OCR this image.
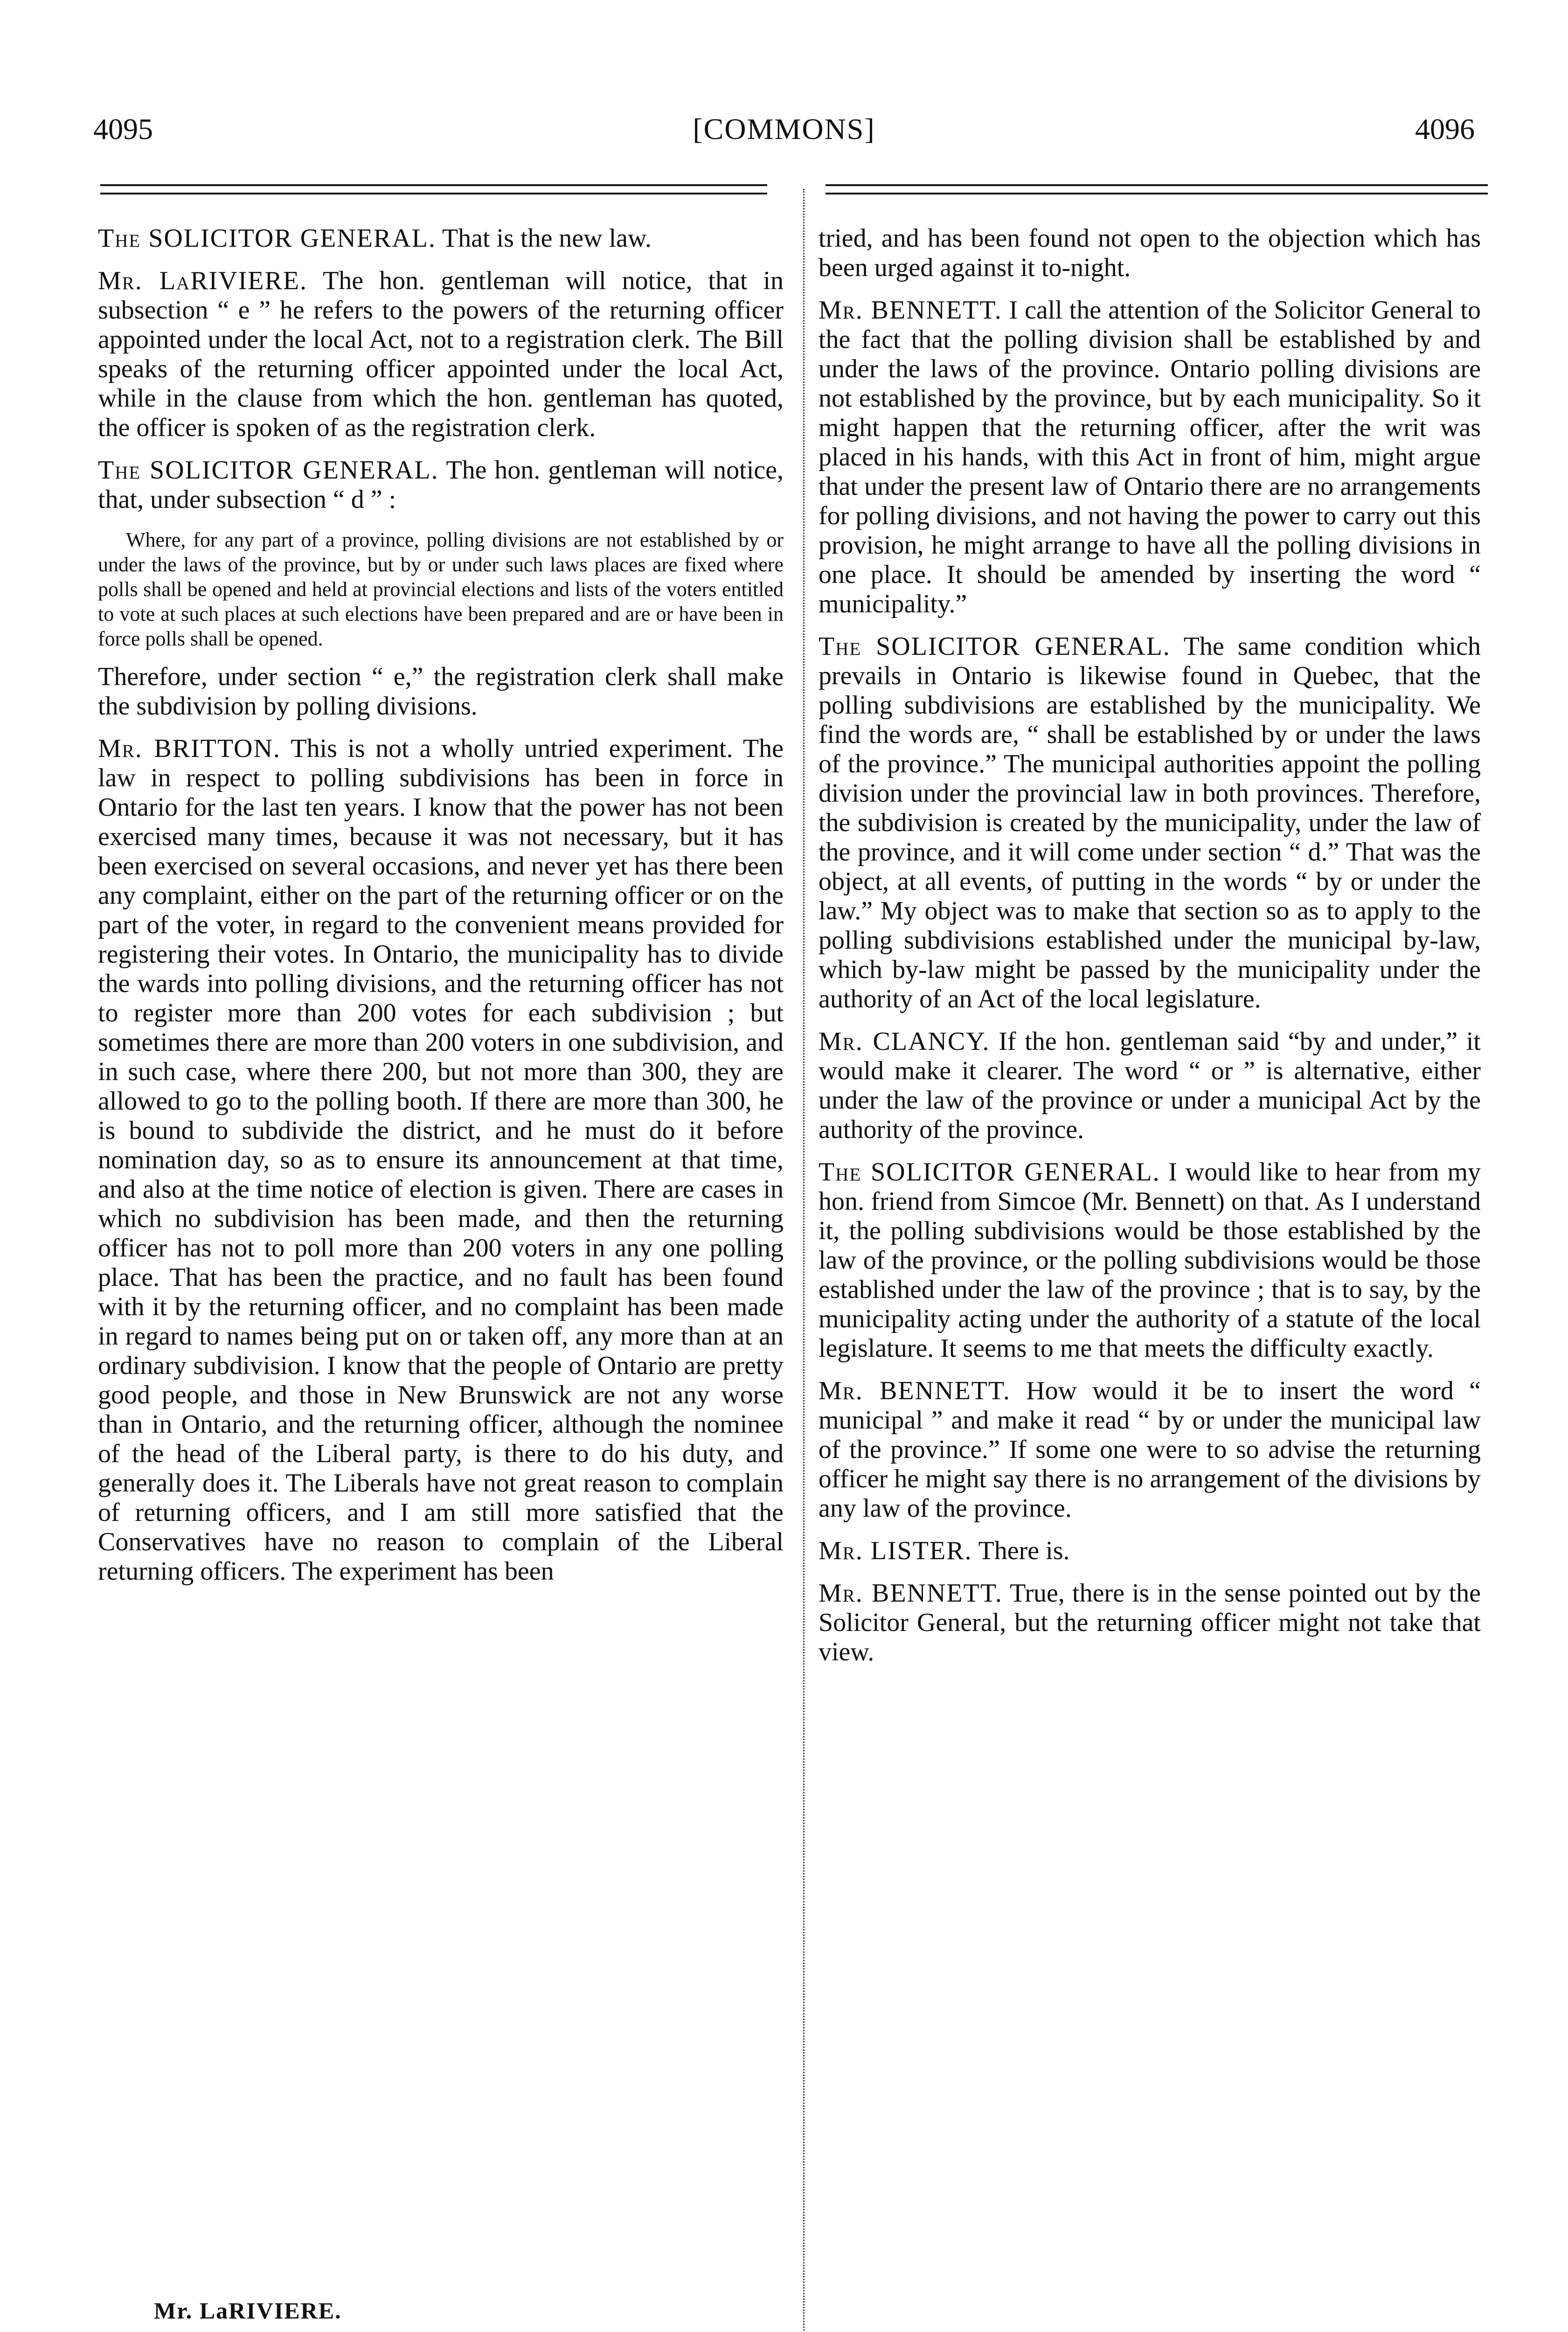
4095	[COMMONS]	4096

The SOLICITOR GENERAL. That is the new law.

Mr. LaRIVIERE. The hon. gentleman will notice, that in subsection “ e ” he refers to the powers of the returning officer appointed under the local Act, not to a registration clerk. The Bill speaks of the returning officer appointed under the local Act, while in the clause from which the hon. gentleman has quoted, the officer is spoken of as the registration clerk.

The SOLICITOR GENERAL. The hon. gentleman will notice, that, under subsection “ d ” :

Where, for any part of a province, polling divisions are not established by or under the laws of the province, but by or under such laws places are fixed where polls shall be opened and held at provincial elections and lists of the voters entitled to vote at such places at such elections have been prepared and are or have been in force polls shall be opened.

Therefore, under section “ e,” the registration clerk shall make the subdivision by polling divisions.

Mr. BRITTON. This is not a wholly untried experiment. The law in respect to polling subdivisions has been in force in Ontario for the last ten years. I know that the power has not been exercised many times, because it was not necessary, but it has been exercised on several occasions, and never yet has there been any complaint, either on the part of the returning officer or on the part of the voter, in regard to the convenient means provided for registering their votes. In Ontario, the municipality has to divide the wards into polling divisions, and the returning officer has not to register more than 200 votes for each subdivision ; but sometimes there are more than 200 voters in one subdivision, and in such case, where there 200, but not more than 300, they are allowed to go to the polling booth. If there are more than 300, he is bound to subdivide the district, and he must do it before nomination day, so as to ensure its announcement at that time, and also at the time notice of election is given. There are cases in which no subdivision has been made, and then the returning officer has not to poll more than 200 voters in any one polling place. That has been the practice, and no fault has been found with it by the returning officer, and no complaint has been made in regard to names being put on or taken off, any more than at an ordinary subdivision. I know that the people of Ontario are pretty good people, and those in New Brunswick are not any worse than in Ontario, and the returning officer, although the nominee of the head of the Liberal party, is there to do his duty, and generally does it. The Liberals have not great reason to complain of returning officers, and I am still more satisfied that the Conservatives have no reason to complain of the Liberal returning officers. The experiment has been

tried, and has been found not open to the objection which has been urged against it to-night.

Mr. BENNETT. I call the attention of the Solicitor General to the fact that the polling division shall be established by and under the laws of the province. Ontario polling divisions are not established by the province, but by each municipality. So it might happen that the returning officer, after the writ was placed in his hands, with this Act in front of him, might argue that under the present law of Ontario there are no arrangements for polling divisions, and not having the power to carry out this provision, he might arrange to have all the polling divisions in one place. It should be amended by inserting the word “ municipality.”

The SOLICITOR GENERAL. The same condition which prevails in Ontario is likewise found in Quebec, that the polling subdivisions are established by the municipality. We find the words are, “ shall be established by or under the laws of the province.” The municipal authorities appoint the polling division under the provincial law in both provinces. Therefore, the subdivision is created by the municipality, under the law of the province, and it will come under section “ d.” That was the object, at all events, of putting in the words “ by or under the law.” My object was to make that section so as to apply to the polling subdivisions established under the municipal by-law, which by-law might be passed by the municipality under the authority of an Act of the local legislature.

Mr. CLANCY. If the hon. gentleman said “by and under,” it would make it clearer. The word “ or ” is alternative, either under the law of the province or under a municipal Act by the authority of the province.

The SOLICITOR GENERAL. I would like to hear from my hon. friend from Simcoe (Mr. Bennett) on that. As I understand it, the polling subdivisions would be those established by the law of the province, or the polling subdivisions would be those established under the law of the province ; that is to say, by the municipality acting under the authority of a statute of the local legislature. It seems to me that meets the difficulty exactly.

Mr. BENNETT. How would it be to insert the word “ municipal ” and make it read “ by or under the municipal law of the province.” If some one were to so advise the returning officer he might say there is no arrangement of the divisions by any law of the province.

Mr. LISTER. There is.

Mr. BENNETT. True, there is in the sense pointed out by the Solicitor General, but the returning officer might not take that view.

Mr. LaRIVIERE.
